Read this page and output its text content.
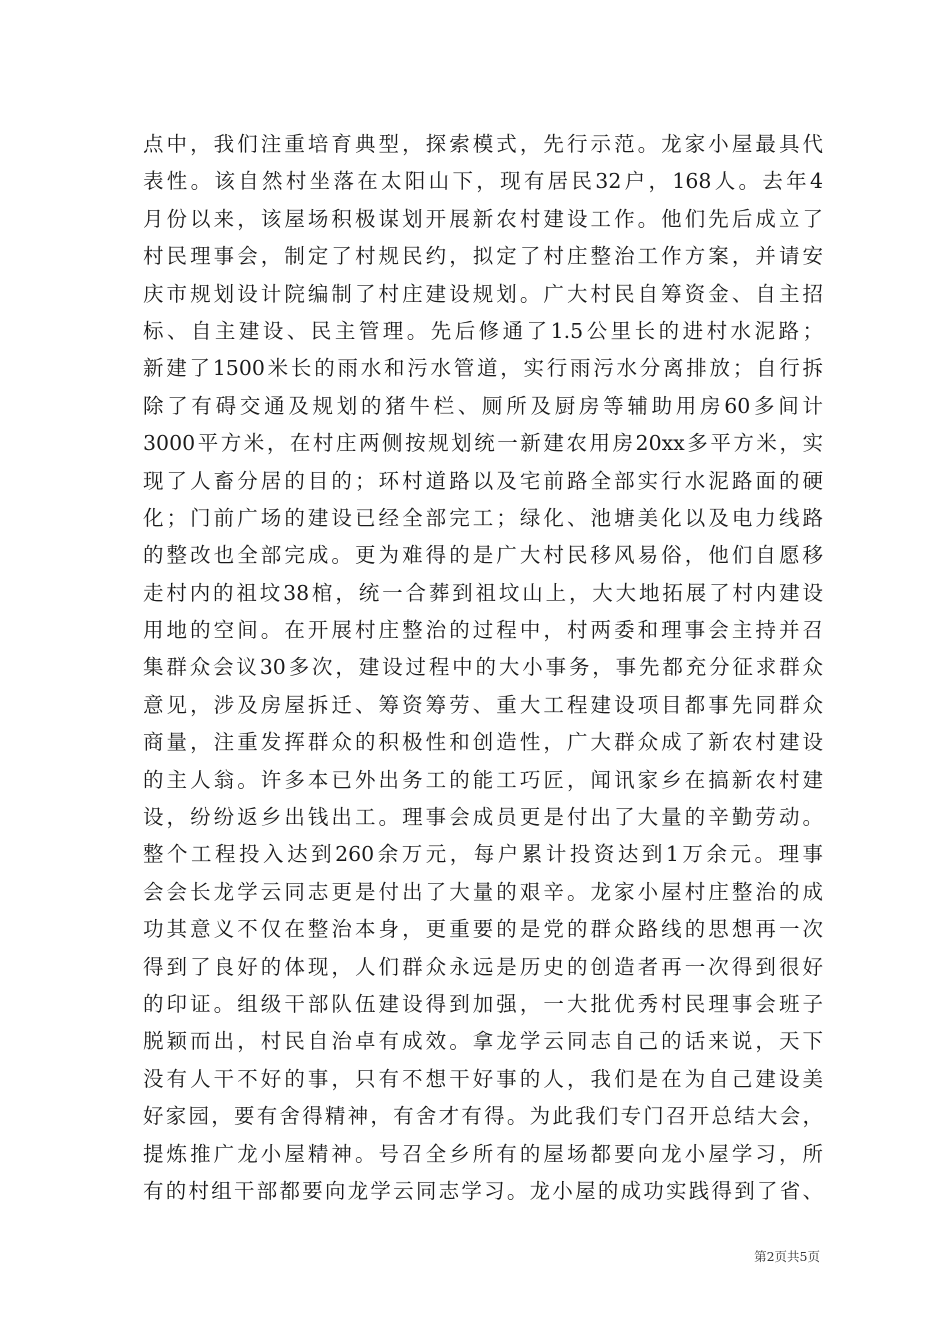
点中，我们注重培育典型，探索模式，先行示范。龙家小屋最具代
表性。该自然村坐落在太阳山下，现有居民32户，168人。去年4
月份以来，该屋场积极谋划开展新农村建设工作。他们先后成立了
村民理事会，制定了村规民约，拟定了村庄整治工作方案，并请安
庆市规划设计院编制了村庄建设规划。广大村民自筹资金、自主招
标、自主建设、民主管理。先后修通了1.5公里长的进村水泥路；
新建了1500米长的雨水和污水管道，实行雨污水分离排放；自行拆
除了有碍交通及规划的猪牛栏、厕所及厨房等辅助用房60多间计
3000平方米，在村庄两侧按规划统一新建农用房20xx多平方米，实
现了人畜分居的目的；环村道路以及宅前路全部实行水泥路面的硬
化；门前广场的建设已经全部完工；绿化、池塘美化以及电力线路
的整改也全部完成。更为难得的是广大村民移风易俗，他们自愿移
走村内的祖坟38棺，统一合葬到祖坟山上，大大地拓展了村内建设
用地的空间。在开展村庄整治的过程中，村两委和理事会主持并召
集群众会议30多次，建设过程中的大小事务，事先都充分征求群众
意见，涉及房屋拆迁、筹资筹劳、重大工程建设项目都事先同群众
商量，注重发挥群众的积极性和创造性，广大群众成了新农村建设
的主人翁。许多本已外出务工的能工巧匠，闻讯家乡在搞新农村建
设，纷纷返乡出钱出工。理事会成员更是付出了大量的辛勤劳动。
整个工程投入达到260余万元，每户累计投资达到1万余元。理事
会会长龙学云同志更是付出了大量的艰辛。龙家小屋村庄整治的成
功其意义不仅在整治本身，更重要的是党的群众路线的思想再一次
得到了良好的体现，人们群众永远是历史的创造者再一次得到很好
的印证。组级干部队伍建设得到加强，一大批优秀村民理事会班子
脱颖而出，村民自治卓有成效。拿龙学云同志自己的话来说，天下
没有人干不好的事，只有不想干好事的人，我们是在为自己建设美
好家园，要有舍得精神，有舍才有得。为此我们专门召开总结大会，
提炼推广龙小屋精神。号召全乡所有的屋场都要向龙小屋学习，所
有的村组干部都要向龙学云同志学习。龙小屋的成功实践得到了省、
第2页共5页
